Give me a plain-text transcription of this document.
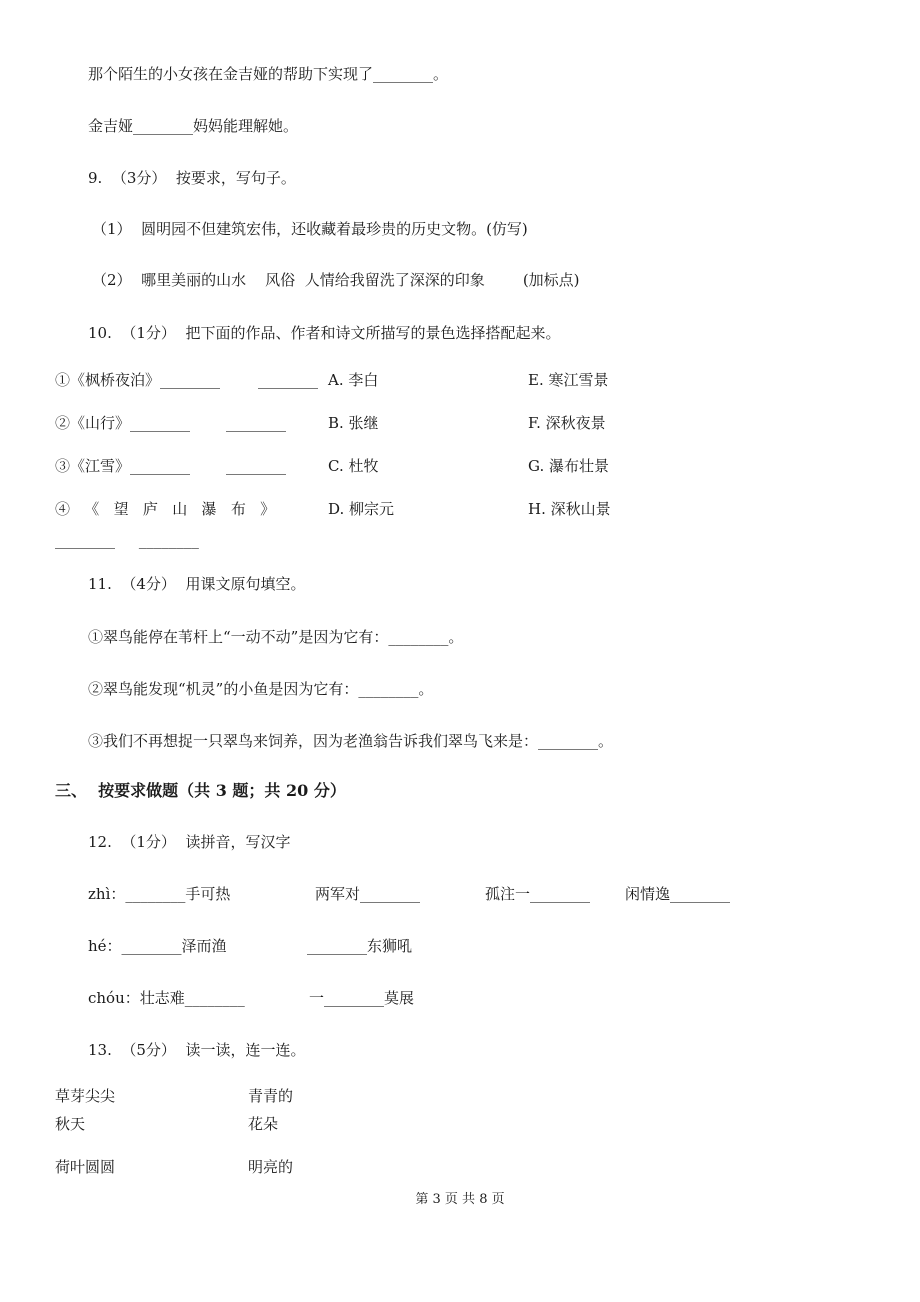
那个陌生的小女孩在金吉娅的帮助下实现了________。
金吉娅________妈妈能理解她。
9.  （3分）  按要求，写句子。
（1）  圆明园不但建筑宏伟，还收藏着最珍贵的历史文物。(仿写)
（2）  哪里美丽的山水    风俗  人情给我留洗了深深的印象        (加标点)
10.  （1分）  把下面的作品、作者和诗文所描写的景色选择搭配起来。
①《枫桥夜泊》________	________ A. 李白	E. 寒江雪景
②《山行》________ ________	B. 张继	F. 深秋夜景
③《江雪》________ ________	C. 杜牧	G. 瀑布壮景
④   《   望   庐   山   瀑   布   》	D. 柳宗元	H. 深秋山景
________     ________
11.  （4分）  用课文原句填空。
①翠鸟能停在苇杆上“一动不动”是因为它有：________。
②翠鸟能发现“机灵”的小鱼是因为它有：________。
③我们不再想捉一只翠鸟来饲养，因为老渔翁告诉我们翠鸟飞来是：________。
三、  按要求做题（共 3 题；共 20 分）
12.  （1分）  读拼音，写汉字
zhì：________手可热	两军对________	孤注一________ 闲情逸________
hé：________泽而渔	________东狮吼
chóu：壮志难________	一________莫展
13.  （5分）  读一读，连一连。
草芽尖尖	青青的
秋天	花朵
荷叶圆圆	明亮的
第 3 页 共 8 页
